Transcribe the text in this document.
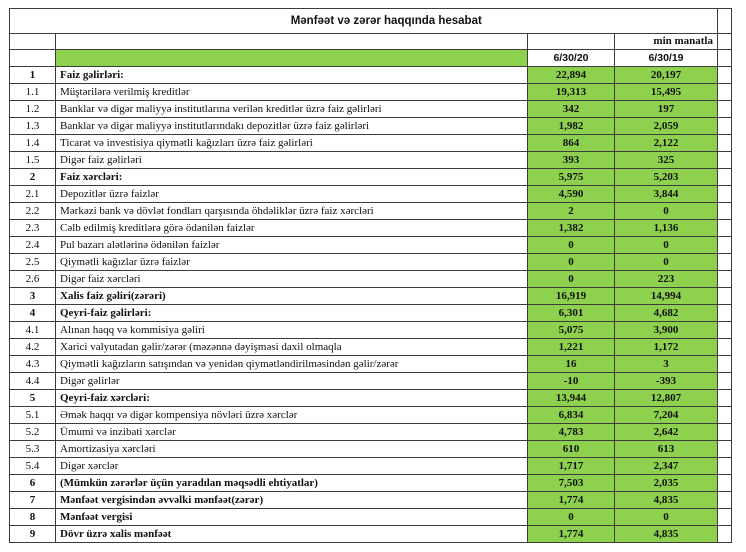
	Mənfəət və zərər haqqında hesabat			
			min manatla	
		6/30/20	6/30/19	
1	Faiz gəlirləri:	22,894	20,197	
1.1	Müştərilərə verilmiş kreditlər	19,313	15,495	
1.2	Banklar və digər maliyyə institutlarına verilən kreditlər üzrə faiz gəlirləri	342	197	
1.3	Banklar və digər maliyyə institutlarındakı depozitlər üzrə faiz gəlirləri	1,982	2,059	
1.4	Ticarət və investisiya qiymətli kağızları üzrə faiz gəlirləri	864	2,122	
1.5	Digər faiz gəlirləri	393	325	
2	Faiz xərcləri:	5,975	5,203	
2.1	Depozitlər üzrə faizlər	4,590	3,844	
2.2	Mərkəzi bank və dövlət fondları qarşısında öhdəliklər üzrə faiz xərcləri	2	0	
2.3	Cəlb edilmiş kreditlərə görə ödənilən faizlər	1,382	1,136	
2.4	Pul bazarı alətlərinə ödənilən faizlər	0	0	
2.5	Qiymətli kağızlar üzrə faizlər	0	0	
2.6	Digər faiz xərcləri	0	223	
3	Xalis faiz gəliri(zərəri)	16,919	14,994	
4	Qeyri-faiz gəlirləri:	6,301	4,682	
4.1	Alınan haqq və kommisiya gəliri	5,075	3,900	
4.2	Xarici valyutadan gəlir/zərər (məzənnə dəyişməsi daxil olmaqla	1,221	1,172	
4.3	Qiymətli kağızların satışından və yenidən qiymətləndirilməsindən gəlir/zərər	16	3	
4.4	Digər gəlirlər	-10	-393	
5	Qeyri-faiz xərcləri:	13,944	12,807	
5.1	Əmək haqqı və digər kompensiya növləri üzrə xərclər	6,834	7,204	
5.2	Ümumi və inzibati xərclər	4,783	2,642	
5.3	Amortizasiya xərcləri	610	613	
5.4	Digər xərclər	1,717	2,347	
6	(Mümkün zərərlər üçün yaradılan məqsədli ehtiyatlar)	7,503	2,035	
7	Mənfəət vergisindən əvvəlki mənfəət(zərər)	1,774	4,835	
8	Mənfəət vergisi	0	0	
9	Dövr üzrə xalis mənfəət	1,774	4,835	
